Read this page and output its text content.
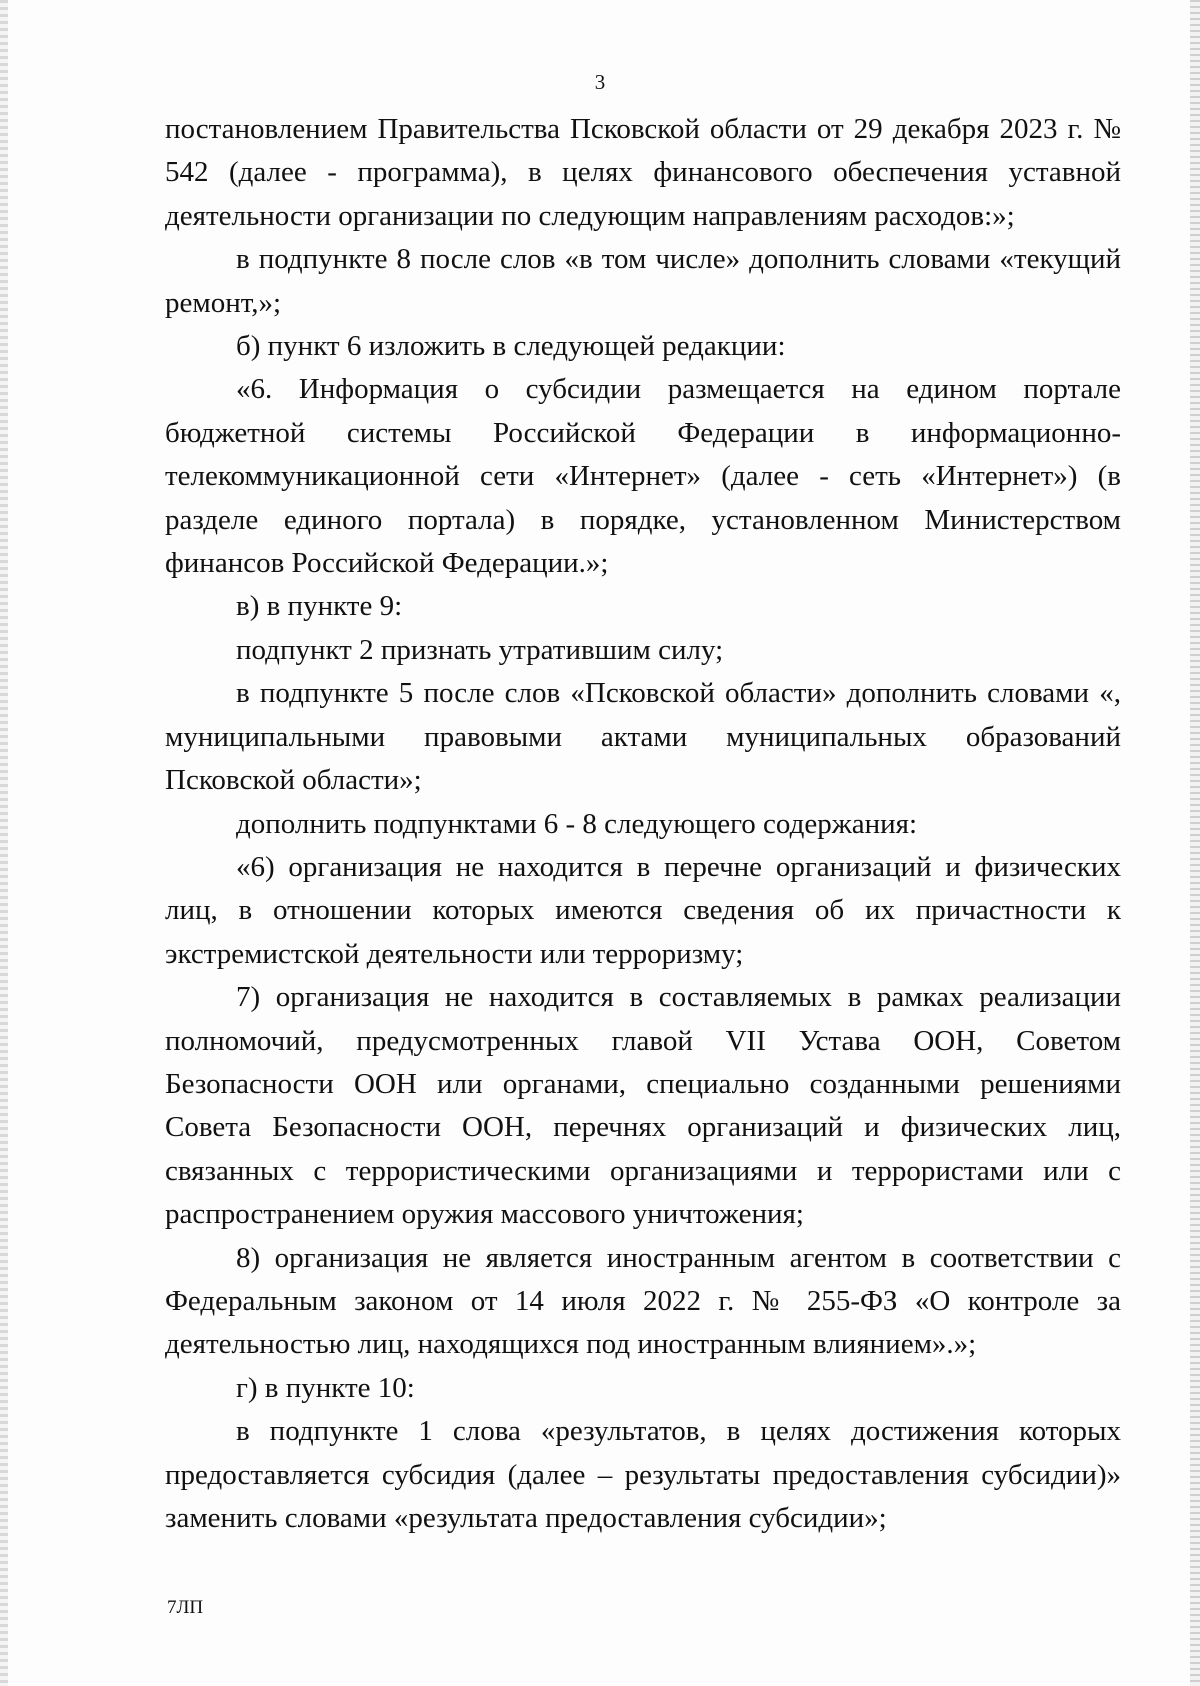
3

постановлением Правительства Псковской области от 29 декабря 2023 г. № 542 (далее - программа), в целях финансового обеспечения уставной деятельности организации по следующим направлениям расходов:»;

в подпункте 8 после слов «в том числе» дополнить словами «текущий ремонт,»;

б) пункт 6 изложить в следующей редакции:

«6. Информация о субсидии размещается на едином портале бюджетной системы Российской Федерации в информационно-телекоммуникационной сети «Интернет» (далее - сеть «Интернет») (в разделе единого портала) в порядке, установленном Министерством финансов Российской Федерации.»;

в) в пункте 9:

подпункт 2 признать утратившим силу;

в подпункте 5 после слов «Псковской области» дополнить словами «, муниципальными правовыми актами муниципальных образований Псковской области»;

дополнить подпунктами 6 - 8 следующего содержания:

«6) организация не находится в перечне организаций и физических лиц, в отношении которых имеются сведения об их причастности к экстремистской деятельности или терроризму;

7) организация не находится в составляемых в рамках реализации полномочий, предусмотренных главой VII Устава ООН, Советом Безопасности ООН или органами, специально созданными решениями Совета Безопасности ООН, перечнях организаций и физических лиц, связанных с террористическими организациями и террористами или с распространением оружия массового уничтожения;

8) организация не является иностранным агентом в соответствии с Федеральным законом от 14 июля 2022 г. № 255-ФЗ «О контроле за деятельностью лиц, находящихся под иностранным влиянием».»;

г) в пункте 10:

в подпункте 1 слова «результатов, в целях достижения которых предоставляется субсидия (далее – результаты предоставления субсидии)» заменить словами «результата предоставления субсидии»;

7ЛП
